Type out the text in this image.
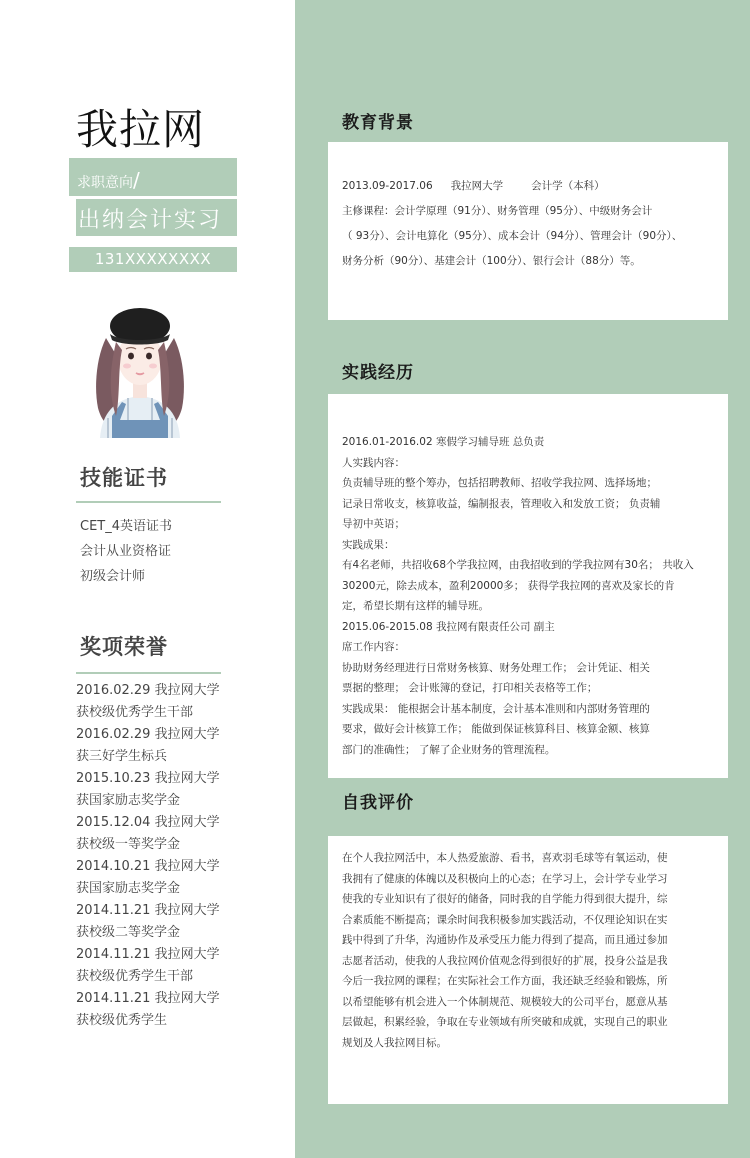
我拉网
求职意向/
出纳会计实习
131XXXXXXXX
技能证书
CET_4英语证书
会计从业资格证
初级会计师
奖项荣誉
2016.02.29 我拉网大学
获校级优秀学生干部
2016.02.29 我拉网大学
获三好学生标兵
2015.10.23 我拉网大学
获国家励志奖学金
2015.12.04 我拉网大学
获校级一等奖学金
2014.10.21 我拉网大学
获国家励志奖学金
2014.11.21 我拉网大学
获校级二等奖学金
2014.11.21 我拉网大学
获校级优秀学生干部
2014.11.21 我拉网大学
获校级优秀学生
教育背景
2013.09-2017.06 我拉网大学	会计学（本科）
主修课程：会计学原理（91分）、财务管理（95分）、中级财务会计
（ 93分）、会计电算化（95分）、成本会计（94分）、管理会计（90分）、
财务分析（90分）、基建会计（100分）、银行会计（88分）等。
实践经历
2016.01-2016.02 寒假学习辅导班 总负责
人实践内容：
负责辅导班的整个筹办，包括招聘教师、招收学我拉网、选择场地；
记录日常收支，核算收益，编制报表，管理收入和发放工资； 负责辅
导初中英语；
实践成果：
有4名老师，共招收68个学我拉网，由我招收到的学我拉网有30名； 共收入
30200元，除去成本，盈利20000多； 获得学我拉网的喜欢及家长的肯
定，希望长期有这样的辅导班。
2015.06-2015.08 我拉网有限责任公司 副主
席工作内容：
协助财务经理进行日常财务核算、财务处理工作； 会计凭证、相关
票据的整理； 会计账簿的登记，打印相关表格等工作；
实践成果： 能根据会计基本制度，会计基本准则和内部财务管理的
要求，做好会计核算工作； 能做到保证核算科目、核算金额、核算
部门的准确性； 了解了企业财务的管理流程。
自我评价
在个人我拉网活中，本人热爱旅游、看书，喜欢羽毛球等有氧运动，使
我拥有了健康的体魄以及积极向上的心态；在学习上，会计学专业学习
使我的专业知识有了很好的储备，同时我的自学能力得到很大提升，综
合素质能不断提高；课余时间我积极参加实践活动，不仅理论知识在实
践中得到了升华，沟通协作及承受压力能力得到了提高，而且通过参加
志愿者活动，使我的人我拉网价值观念得到很好的扩展，投身公益是我
今后一我拉网的课程；在实际社会工作方面，我还缺乏经验和锻炼，所
以希望能够有机会进入一个体制规范、规模较大的公司平台，愿意从基
层做起，积累经验，争取在专业领域有所突破和成就，实现自己的职业
规划及人我拉网目标。
